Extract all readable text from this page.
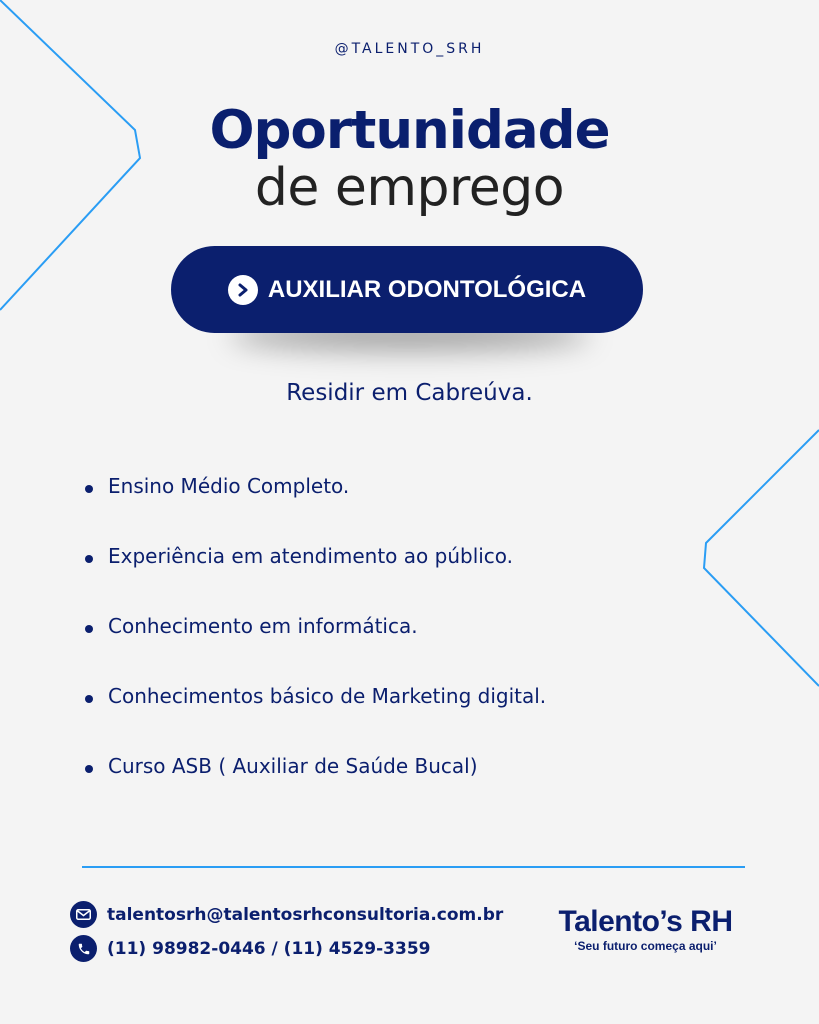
@TALENTO_SRH
Oportunidade
de emprego
AUXILIAR ODONTOLÓGICA
Residir em Cabreúva.
Ensino Médio Completo.
Experiência em atendimento ao público.
Conhecimento em informática.
Conhecimentos básico de Marketing digital.
Curso ASB ( Auxiliar de Saúde Bucal)
talentosrh@talentosrhconsultoria.com.br
(11) 98982-0446 / (11) 4529-3359
Talento’s RH
‘Seu futuro começa aqui’
